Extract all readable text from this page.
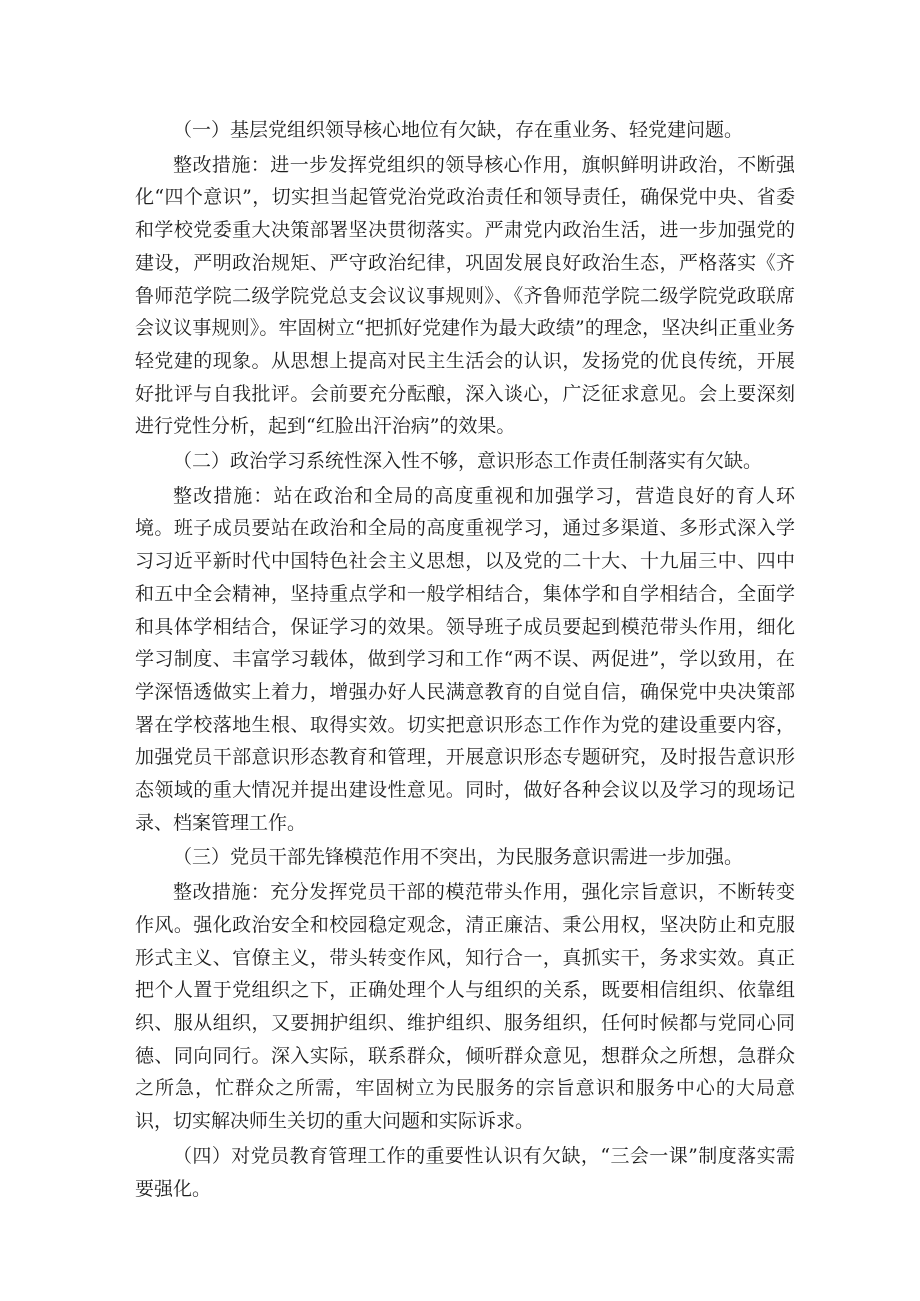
（一）基层党组织领导核心地位有欠缺，存在重业务、轻党建问题。

整改措施：进一步发挥党组织的领导核心作用，旗帜鲜明讲政治，不断强化“四个意识”，切实担当起管党治党政治责任和领导责任，确保党中央、省委和学校党委重大决策部署坚决贯彻落实。严肃党内政治生活，进一步加强党的建设，严明政治规矩、严守政治纪律，巩固发展良好政治生态，严格落实《齐鲁师范学院二级学院党总支会议议事规则》、《齐鲁师范学院二级学院党政联席会议议事规则》。牢固树立“把抓好党建作为最大政绩”的理念，坚决纠正重业务轻党建的现象。从思想上提高对民主生活会的认识，发扬党的优良传统，开展好批评与自我批评。会前要充分酝酿，深入谈心，广泛征求意见。会上要深刻进行党性分析，起到“红脸出汗治病”的效果。

（二）政治学习系统性深入性不够，意识形态工作责任制落实有欠缺。

整改措施：站在政治和全局的高度重视和加强学习，营造良好的育人环境。班子成员要站在政治和全局的高度重视学习，通过多渠道、多形式深入学习习近平新时代中国特色社会主义思想，以及党的二十大、十九届三中、四中和五中全会精神，坚持重点学和一般学相结合，集体学和自学相结合，全面学和具体学相结合，保证学习的效果。领导班子成员要起到模范带头作用，细化学习制度、丰富学习载体，做到学习和工作“两不误、两促进”，学以致用，在学深悟透做实上着力，增强办好人民满意教育的自觉自信，确保党中央决策部署在学校落地生根、取得实效。切实把意识形态工作作为党的建设重要内容，加强党员干部意识形态教育和管理，开展意识形态专题研究，及时报告意识形态领域的重大情况并提出建设性意见。同时，做好各种会议以及学习的现场记录、档案管理工作。

（三）党员干部先锋模范作用不突出，为民服务意识需进一步加强。

整改措施：充分发挥党员干部的模范带头作用，强化宗旨意识，不断转变作风。强化政治安全和校园稳定观念，清正廉洁、秉公用权，坚决防止和克服形式主义、官僚主义，带头转变作风，知行合一，真抓实干，务求实效。真正把个人置于党组织之下，正确处理个人与组织的关系，既要相信组织、依靠组织、服从组织，又要拥护组织、维护组织、服务组织，任何时候都与党同心同德、同向同行。深入实际，联系群众，倾听群众意见，想群众之所想，急群众之所急，忙群众之所需，牢固树立为民服务的宗旨意识和服务中心的大局意识，切实解决师生关切的重大问题和实际诉求。

（四）对党员教育管理工作的重要性认识有欠缺，“三会一课”制度落实需要强化。
